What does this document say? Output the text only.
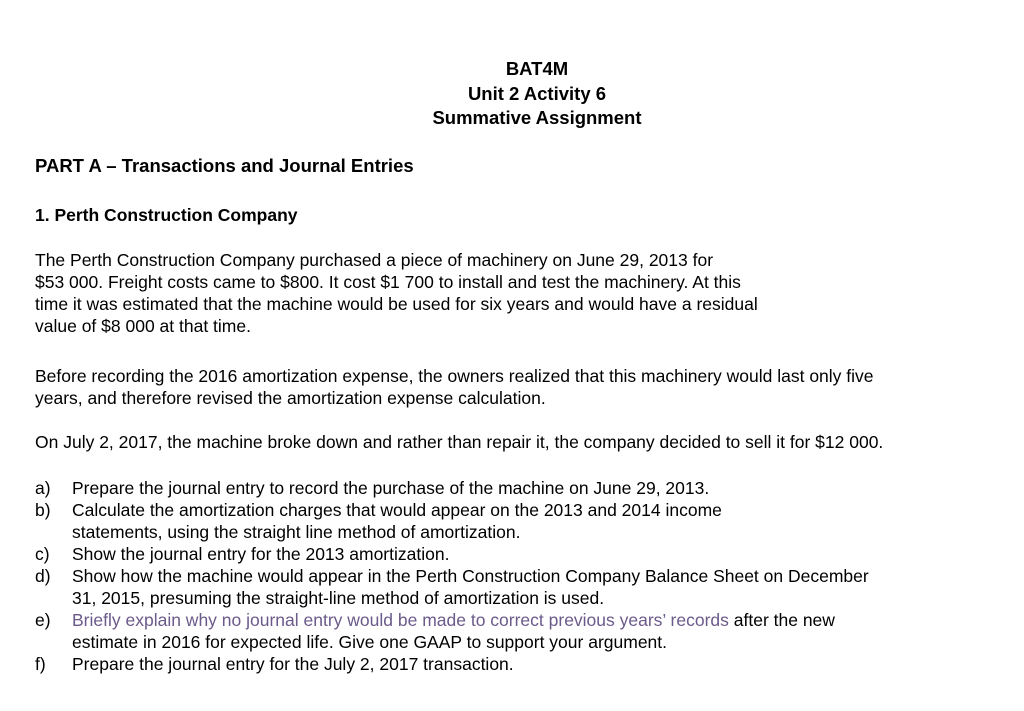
BAT4M
Unit 2 Activity 6
Summative Assignment
PART A – Transactions and Journal Entries
1. Perth Construction Company

The Perth Construction Company purchased a piece of machinery on June 29, 2013 for
$53 000. Freight costs came to $800. It cost $1 700 to install and test the machinery. At this
time it was estimated that the machine would be used for six years and would have a residual
value of $8 000 at that time.

Before recording the 2016 amortization expense, the owners realized that this machinery would last only five
years, and therefore revised the amortization expense calculation.

On July 2, 2017, the machine broke down and rather than repair it, the company decided to sell it for $12 000.

a) Prepare the journal entry to record the purchase of the machine on June 29, 2013.
b) Calculate the amortization charges that would appear on the 2013 and 2014 income
statements, using the straight line method of amortization.
c) Show the journal entry for the 2013 amortization.
d) Show how the machine would appear in the Perth Construction Company Balance Sheet on December
31, 2015, presuming the straight-line method of amortization is used.
e) Briefly explain why no journal entry would be made to correct previous years’ records after the new
estimate in 2016 for expected life. Give one GAAP to support your argument.
f) Prepare the journal entry for the July 2, 2017 transaction.
